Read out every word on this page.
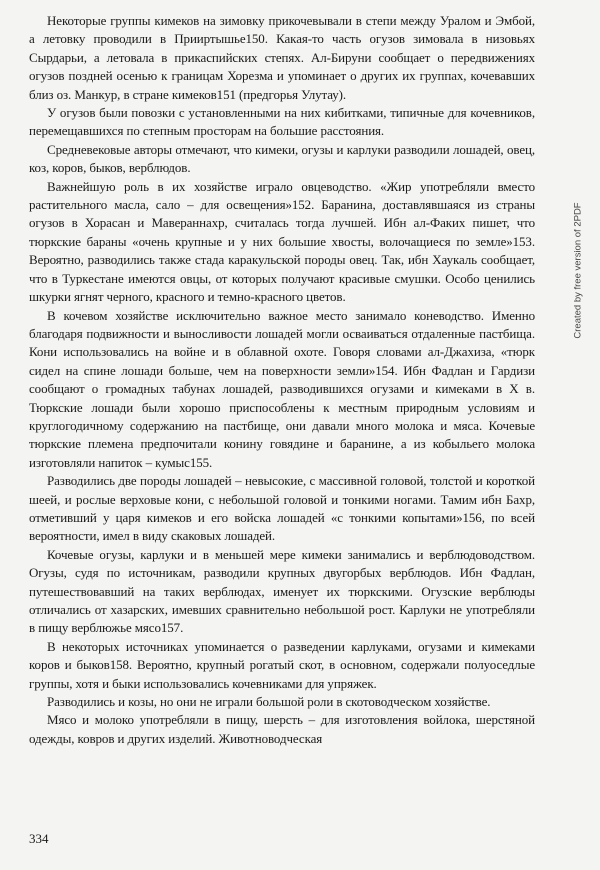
Некоторые группы кимеков на зимовку прикочевывали в степи между Уралом и Эмбой, а летовку проводили в Прииртышье150. Какая-то часть огузов зимовала в низовьях Сырдарьи, а летовала в прикаспийских степях. Ал-Бируни сообщает о передвижениях огузов поздней осенью к границам Хорезма и упоминает о других их группах, кочевавших близ оз. Манкур, в стране кимеков151 (предгорья Улутау).

У огузов были повозки с установленными на них кибитками, типичные для кочевников, перемещавшихся по степным просторам на большие расстояния.

Средневековые авторы отмечают, что кимеки, огузы и карлуки разводили лошадей, овец, коз, коров, быков, верблюдов.

Важнейшую роль в их хозяйстве играло овцеводство. «Жир употребляли вместо растительного масла, сало – для освещения»152. Баранина, доставлявшаяся из страны огузов в Хорасан и Мавераннахр, считалась тогда лучшей. Ибн ал-Факих пишет, что тюркские бараны «очень крупные и у них большие хвосты, волочащиеся по земле»153. Вероятно, разводились также стада каракульской породы овец. Так, ибн Хаукаль сообщает, что в Туркестане имеются овцы, от которых получают красивые смушки. Особо ценились шкурки ягнят черного, красного и темно-красного цветов.

В кочевом хозяйстве исключительно важное место занимало коневодство. Именно благодаря подвижности и выносливости лошадей могли осваиваться отдаленные пастбища. Кони использовались на войне и в облавной охоте. Говоря словами ал-Джахиза, «тюрк сидел на спине лошади больше, чем на поверхности земли»154. Ибн Фадлан и Гардизи сообщают о громадных табунах лошадей, разводившихся огузами и кимеками в X в. Тюркские лошади были хорошо приспособлены к местным природным условиям и круглогодичному содержанию на пастбище, они давали много молока и мяса. Кочевые тюркские племена предпочитали конину говядине и баранине, а из кобыльего молока изготовляли напиток – кумыс155.

Разводились две породы лошадей – невысокие, с массивной головой, толстой и короткой шеей, и рослые верховые кони, с небольшой головой и тонкими ногами. Тамим ибн Бахр, отметивший у царя кимеков и его войска лошадей «с тонкими копытами»156, по всей вероятности, имел в виду скаковых лошадей.

Кочевые огузы, карлуки и в меньшей мере кимеки занимались и верблюдоводством. Огузы, судя по источникам, разводили крупных двугорбых верблюдов. Ибн Фадлан, путешествовавший на таких верблюдах, именует их тюркскими. Огузские верблюды отличались от хазарских, имевших сравнительно небольшой рост. Карлуки не употребляли в пищу верблюжье мясо157.

В некоторых источниках упоминается о разведении карлуками, огузами и кимеками коров и быков158. Вероятно, крупный рогатый скот, в основном, содержали полуоседлые группы, хотя и быки использовались кочевниками для упряжек.

Разводились и козы, но они не играли большой роли в скотоводческом хозяйстве.

Мясо и молоко употребляли в пищу, шерсть – для изготовления войлока, шерстяной одежды, ковров и других изделий. Животноводческая

334
Created by free version of 2PDF
